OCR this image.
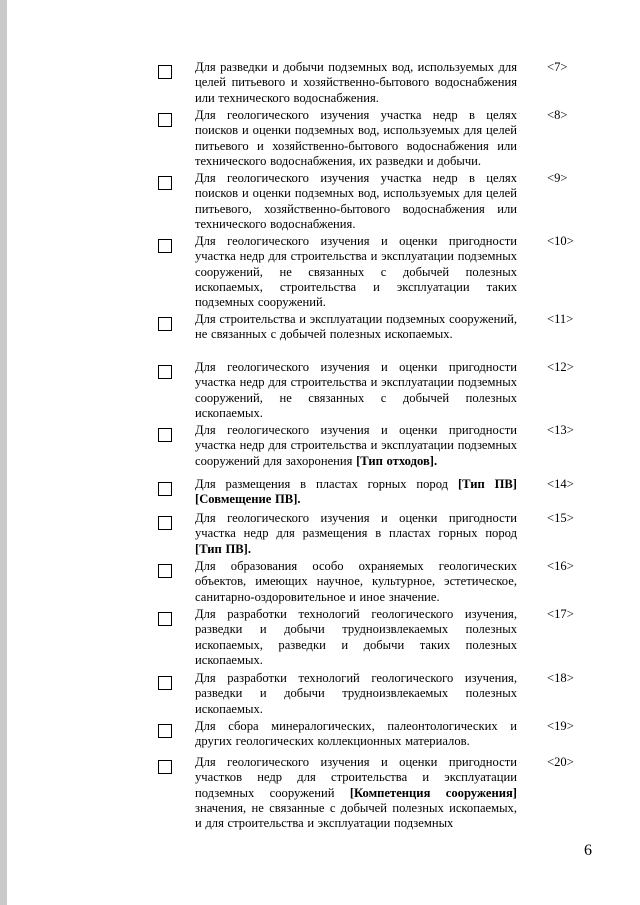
Для разведки и добычи подземных вод, используемых для целей питьевого и хозяйственно-бытового водоснабжения или технического водоснабжения.
<7>
Для геологического изучения участка недр в целях поисков и оценки подземных вод, используемых для целей питьевого и хозяйственно-бытового водоснабжения или технического водоснабжения, их разведки и добычи.
<8>
Для геологического изучения участка недр в целях поисков и оценки подземных вод, используемых для целей питьевого, хозяйственно-бытового водоснабжения или технического водоснабжения.
<9>
Для геологического изучения и оценки пригодности участка недр для строительства и эксплуатации подземных сооружений, не связанных с добычей полезных ископаемых, строительства и эксплуатации таких подземных сооружений.
<10>
Для строительства и эксплуатации подземных сооружений, не связанных с добычей полезных ископаемых.
<11>
Для геологического изучения и оценки пригодности участка недр для строительства и эксплуатации подземных сооружений, не связанных с добычей полезных ископаемых.
<12>
Для геологического изучения и оценки пригодности участка недр для строительства и эксплуатации подземных сооружений для захоронения [Тип отходов].
<13>
Для размещения в пластах горных пород [Тип ПВ] [Совмещение ПВ].
<14>
Для геологического изучения и оценки пригодности участка недр для размещения в пластах горных пород [Тип ПВ].
<15>
Для образования особо охраняемых геологических объектов, имеющих научное, культурное, эстетическое, санитарно-оздоровительное и иное значение.
<16>
Для разработки технологий геологического изучения, разведки и добычи трудноизвлекаемых полезных ископаемых, разведки и добычи таких полезных ископаемых.
<17>
Для разработки технологий геологического изучения, разведки и добычи трудноизвлекаемых полезных ископаемых.
<18>
Для сбора минералогических, палеонтологических и других геологических коллекционных материалов.
<19>
Для геологического изучения и оценки пригодности участков недр для строительства и эксплуатации подземных сооружений [Компетенция сооружения] значения, не связанные с добычей полезных ископаемых, и для строительства и эксплуатации подземных
<20>
6
